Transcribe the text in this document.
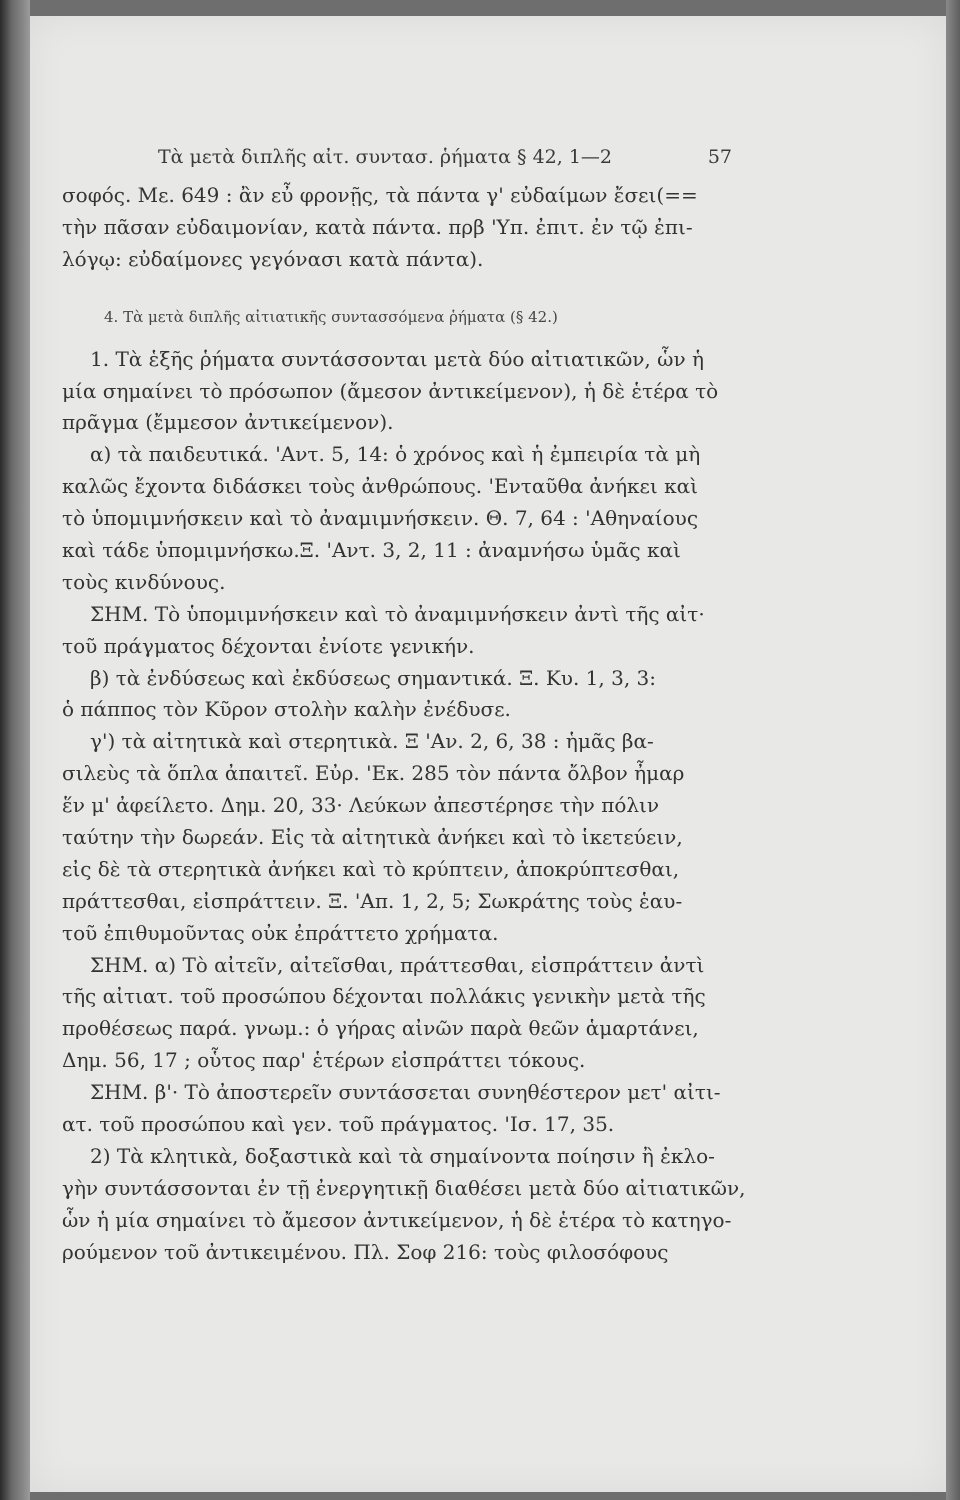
Τὰ μετὰ διπλῆς αἰτ. συντασ. ῥήματα § 42, 1—2	57
σοφός. Με. 649 : ἂν εὖ φρονῇς, τὰ πάντα γ' εὐδαίμων ἔσει(==
τὴν πᾶσαν εὐδαιμονίαν, κατὰ πάντα. πρβ 'Υπ. ἐπιτ. ἐν τῷ ἐπι-
λόγῳ: εὐδαίμονες γεγόνασι κατὰ πάντα).
4. Τὰ μετὰ διπλῆς αἰτιατικῆς συντασσόμενα ῥήματα (§ 42.)
1. Τὰ ἑξῆς ῥήματα συντάσσονται μετὰ δύο αἰτιατικῶν, ὧν ἡ
μία σημαίνει τὸ πρόσωπον (ἄμεσον ἀντικείμενον), ἡ δὲ ἑτέρα τὸ
πρᾶγμα (ἔμμεσον ἀντικείμενον).
α) τὰ παιδευτικά. 'Αντ. 5, 14: ὁ χρόνος καὶ ἡ ἐμπειρία τὰ μὴ
καλῶς ἔχοντα διδάσκει τοὺς ἀνθρώπους. 'Ενταῦθα ἀνήκει καὶ
τὸ ὑπομιμνήσκειν καὶ τὸ ἀναμιμνήσκειν. Θ. 7, 64 : 'Αθηναίους
καὶ τάδε ὑπομιμνήσκω.Ξ. 'Αντ. 3, 2, 11 : ἀναμνήσω ὑμᾶς καὶ
τοὺς κινδύνους.
ΣΗΜ. Τὸ ὑπομιμνήσκειν καὶ τὸ ἀναμιμνήσκειν ἀντὶ τῆς αἰτ·
τοῦ πράγματος δέχονται ἐνίοτε γενικήν.
β) τὰ ἐνδύσεως καὶ ἐκδύσεως σημαντικά. Ξ. Κυ. 1, 3, 3:
ὁ πάππος τὸν Κῦρον στολὴν καλὴν ἐνέδυσε.
γ') τὰ αἰτητικὰ καὶ στερητικὰ. Ξ 'Αν. 2, 6, 38 : ἡμᾶς βα-
σιλεὺς τὰ ὅπλα ἀπαιτεῖ. Εὐρ. 'Εκ. 285 τὸν πάντα ὄλβον ἦμαρ
ἕν μ' ἀφείλετο. Δημ. 20, 33· Λεύκων ἀπεστέρησε τὴν πόλιν
ταύτην τὴν δωρεάν. Εἰς τὰ αἰτητικὰ ἀνήκει καὶ τὸ ἱκετεύειν,
εἰς δὲ τὰ στερητικὰ ἀνήκει καὶ τὸ κρύπτειν, ἀποκρύπτεσθαι,
πράττεσθαι, εἰσπράττειν. Ξ. 'Απ. 1, 2, 5; Σωκράτης τοὺς ἑαυ-
τοῦ ἐπιθυμοῦντας οὐκ ἐπράττετο χρήματα.
ΣΗΜ. α) Τὸ αἰτεῖν, αἰτεῖσθαι, πράττεσθαι, εἰσπράττειν ἀντὶ
τῆς αἰτιατ. τοῦ προσώπου δέχονται πολλάκις γενικὴν μετὰ τῆς
προθέσεως παρά. γνωμ.: ὁ γήρας αἰνῶν παρὰ θεῶν ἁμαρτάνει,
Δημ. 56, 17 ; οὗτος παρ' ἑτέρων εἰσπράττει τόκους.
ΣΗΜ. β'· Τὸ ἀποστερεῖν συντάσσεται συνηθέστερον μετ' αἰτι-
ατ. τοῦ προσώπου καὶ γεν. τοῦ πράγματος. 'Ισ. 17, 35.
2) Τὰ κλητικὰ, δοξαστικὰ καὶ τὰ σημαίνοντα ποίησιν ἢ ἐκλο-
γὴν συντάσσονται ἐν τῇ ἐνεργητικῇ διαθέσει μετὰ δύο αἰτιατικῶν,
ὧν ἡ μία σημαίνει τὸ ἄμεσον ἀντικείμενον, ἡ δὲ ἑτέρα τὸ κατηγο-
ρούμενον τοῦ ἀντικειμένου. Πλ. Σοφ 216: τοὺς φιλοσόφους
